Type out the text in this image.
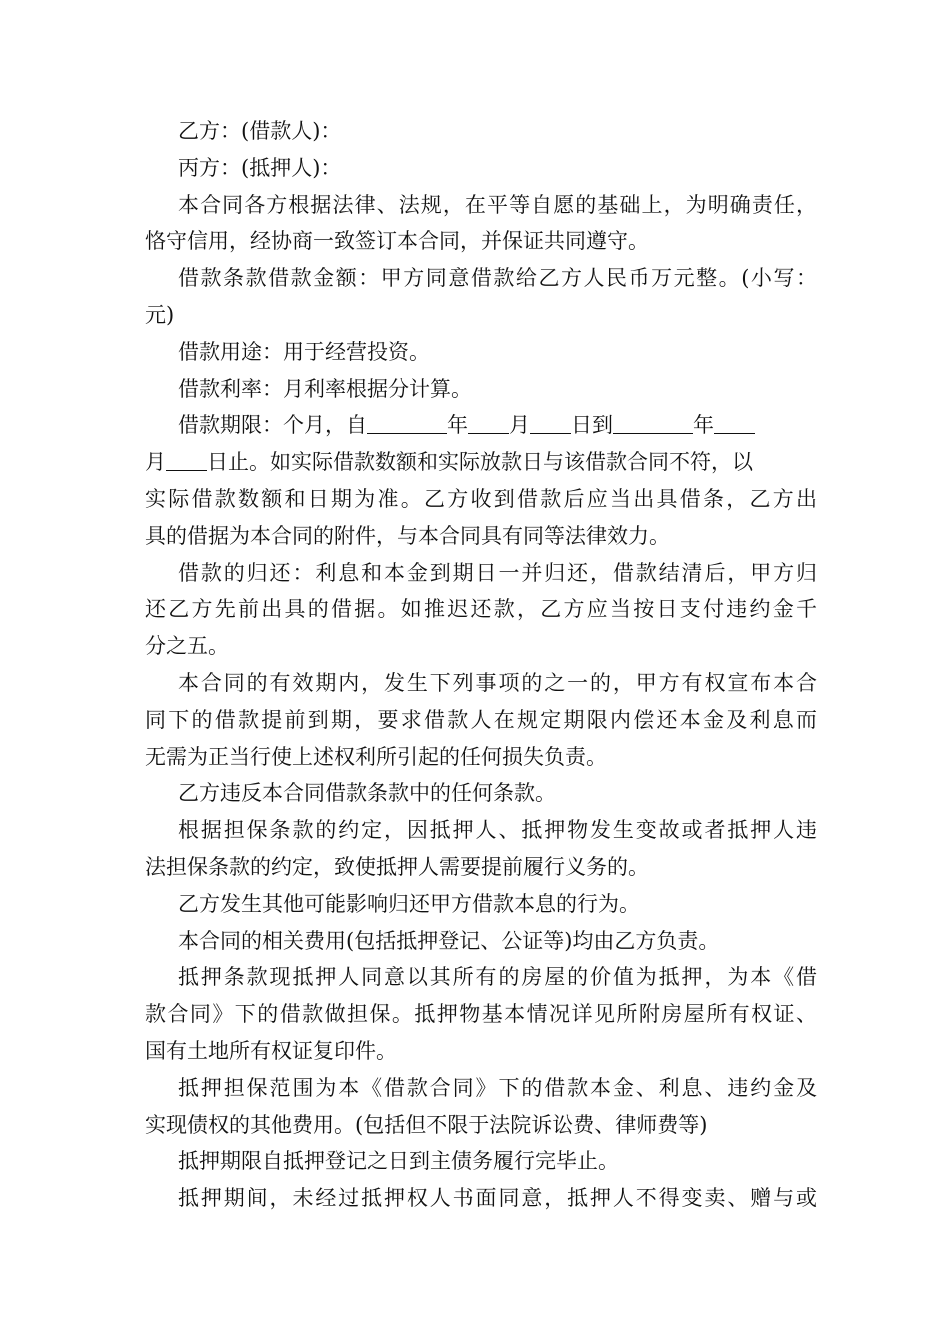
乙方：(借款人)：
丙方：(抵押人)：
本合同各方根据法律、法规，在平等自愿的基础上，为明确责任，
恪守信用，经协商一致签订本合同，并保证共同遵守。
借款条款借款金额：甲方同意借款给乙方人民币万元整。(小写：
元)
借款用途：用于经营投资。
借款利率：月利率根据分计算。
借款期限：个月，自	年 月 日到	年
月 日止。如实际借款数额和实际放款日与该借款合同不符，以
实际借款数额和日期为准。乙方收到借款后应当出具借条，乙方出
具的借据为本合同的附件，与本合同具有同等法律效力。
借款的归还：利息和本金到期日一并归还，借款结清后，甲方归
还乙方先前出具的借据。如推迟还款，乙方应当按日支付违约金千
分之五。
本合同的有效期内，发生下列事项的之一的，甲方有权宣布本合
同下的借款提前到期，要求借款人在规定期限内偿还本金及利息而
无需为正当行使上述权利所引起的任何损失负责。
乙方违反本合同借款条款中的任何条款。
根据担保条款的约定，因抵押人、抵押物发生变故或者抵押人违
法担保条款的约定，致使抵押人需要提前履行义务的。
乙方发生其他可能影响归还甲方借款本息的行为。
本合同的相关费用(包括抵押登记、公证等)均由乙方负责。
抵押条款现抵押人同意以其所有的房屋的价值为抵押，为本《借
款合同》下的借款做担保。抵押物基本情况详见所附房屋所有权证、
国有土地所有权证复印件。
抵押担保范围为本《借款合同》下的借款本金、利息、违约金及
实现债权的其他费用。(包括但不限于法院诉讼费、律师费等)
抵押期限自抵押登记之日到主债务履行完毕止。
抵押期间，未经过抵押权人书面同意，抵押人不得变卖、赠与或
